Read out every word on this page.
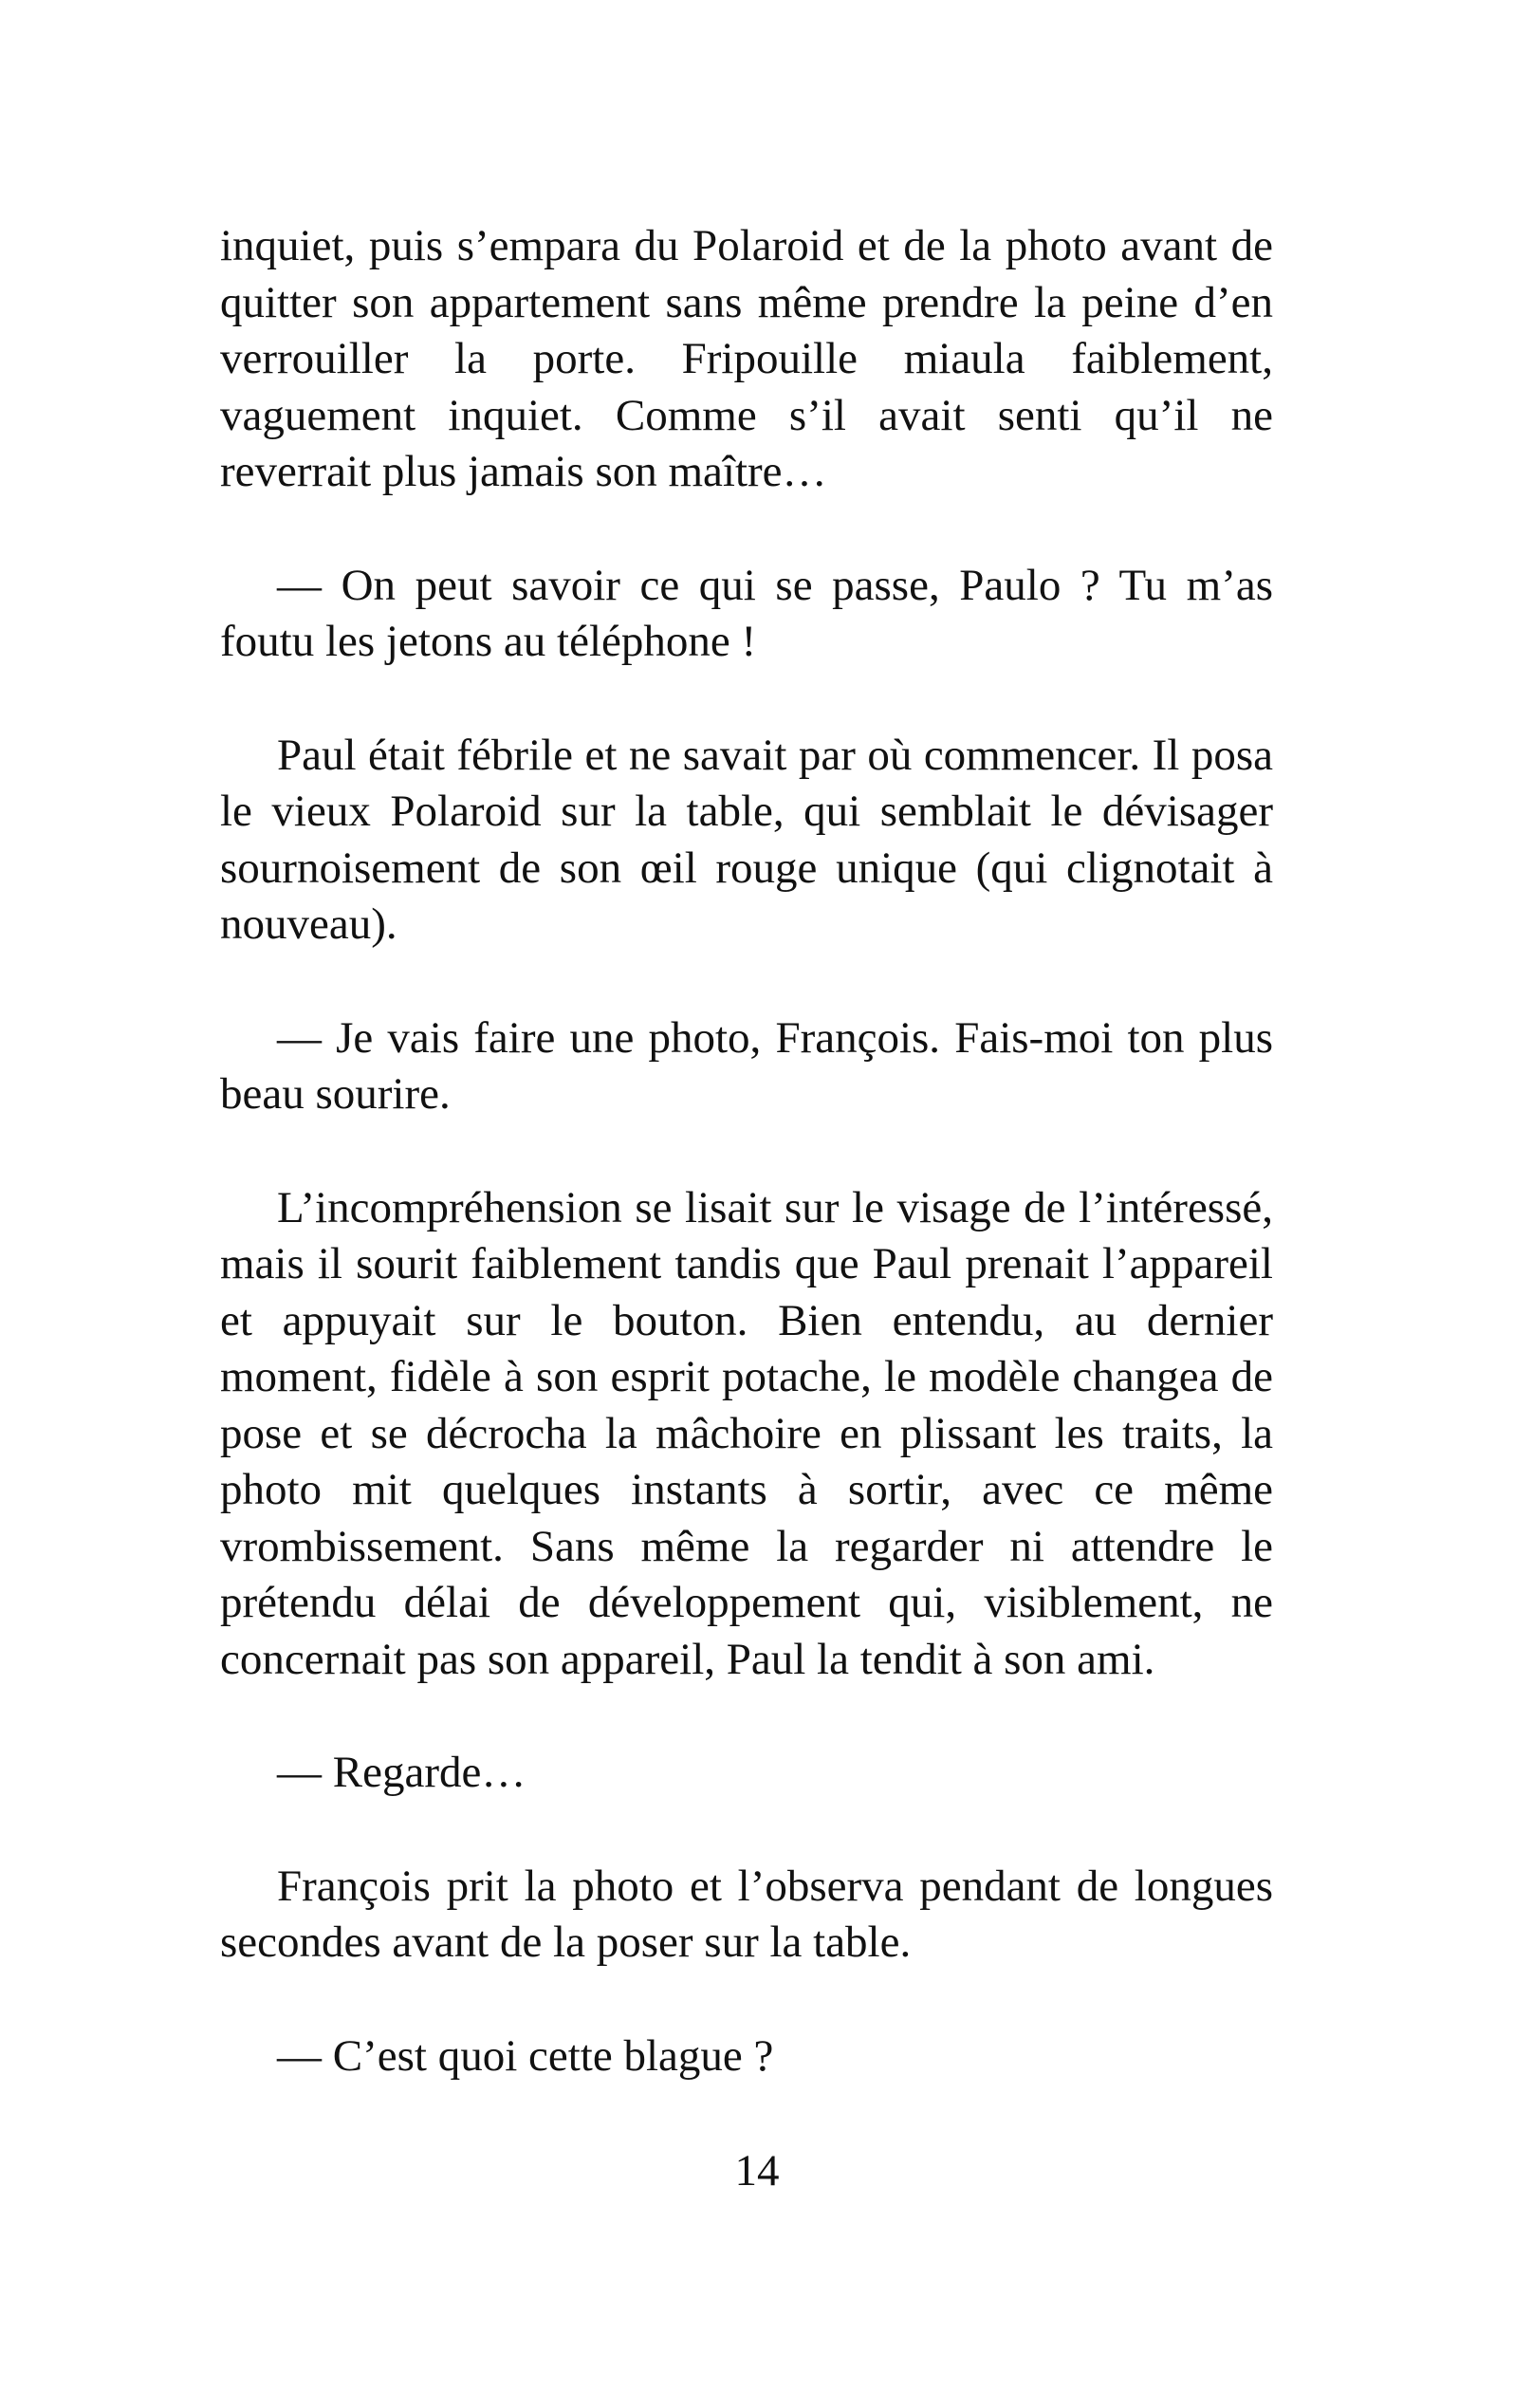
inquiet, puis s’empara du Polaroid et de la photo avant de quitter son appartement sans même prendre la peine d’en verrouiller la porte. Fripouille miaula faiblement, vaguement inquiet. Comme s’il avait senti qu’il ne reverrait plus jamais son maître…

— On peut savoir ce qui se passe, Paulo ? Tu m’as foutu les jetons au téléphone !

Paul était fébrile et ne savait par où commencer. Il posa le vieux Polaroid sur la table, qui semblait le dévisager sournoisement de son œil rouge unique (qui clignotait à nouveau).

— Je vais faire une photo, François. Fais-moi ton plus beau sourire.

L’incompréhension se lisait sur le visage de l’intéressé, mais il sourit faiblement tandis que Paul prenait l’appareil et appuyait sur le bouton. Bien entendu, au dernier moment, fidèle à son esprit potache, le modèle changea de pose et se décrocha la mâchoire en plissant les traits, la photo mit quelques instants à sortir, avec ce même vrombissement. Sans même la regarder ni attendre le prétendu délai de développement qui, visiblement, ne concernait pas son appareil, Paul la tendit à son ami.

— Regarde…

François prit la photo et l’observa pendant de longues secondes avant de la poser sur la table.

— C’est quoi cette blague ?

14
